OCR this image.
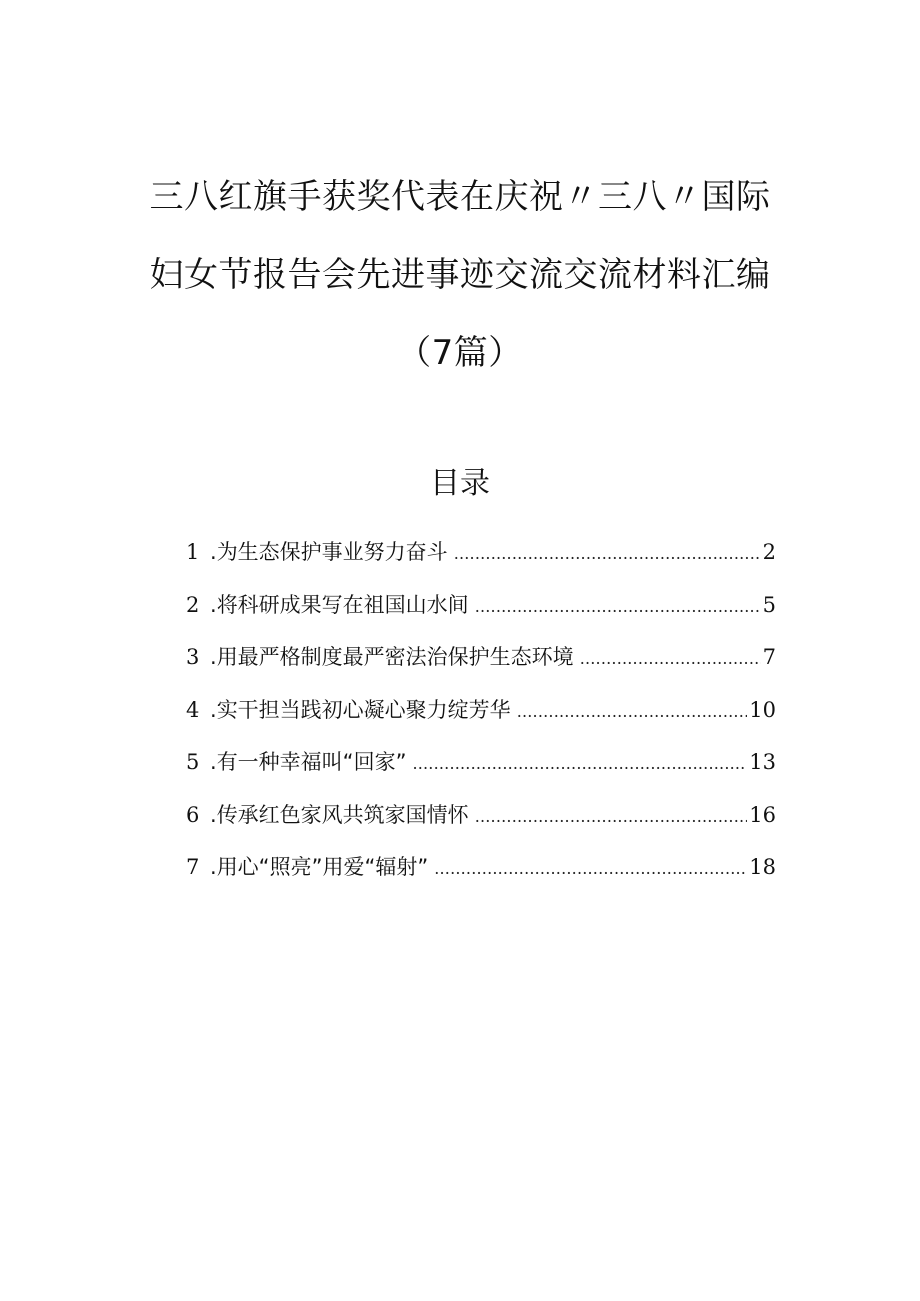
三八红旗手获奖代表在庆祝〃三八〃国际
妇女节报告会先进事迹交流交流材料汇编
（7篇）
目录
1 . 为生态保护事业努力奋斗 .....	2
2 . 将科研成果写在祖国山水间 .....	5
3 . 用最严格制度最严密法治保护生态环境 .....	7
4 . 实干担当践初心凝心聚力绽芳华 .....	10
5 . 有一种幸福叫“回家” .....	13
6 . 传承红色家风共筑家国情怀 .....	16
7 . 用心“照亮”用爱“辐射” .....	18
